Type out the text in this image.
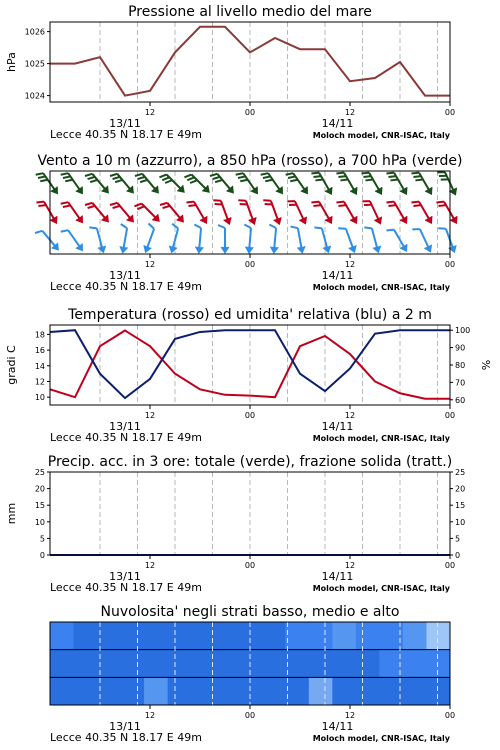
Pressione al livello medio del mare
12	00	12	00
13/11	14/11
Lecce 40.35 N 18.17 E 49m	Moloch model, CNR-ISAC, Italy
1024
1025
1026
hPa
Vento a 10 m (azzurro), a 850 hPa (rosso), a 700 hPa (verde)
12	00	12	00
13/11	14/11
Lecce 40.35 N 18.17 E 49m	Moloch model, CNR-ISAC, Italy
Temperatura (rosso) ed umidita' relativa (blu) a 2 m
12	00	12	00
13/11	14/11
Lecce 40.35 N 18.17 E 49m	Moloch model, CNR-ISAC, Italy
10
12
14
16
18
60
70
80
90
100
gradi C	%
Precip. acc. in 3 ore: totale (verde), frazione solida (tratt.)
12	00	12	00
13/11	14/11
Lecce 40.35 N 18.17 E 49m	Moloch model, CNR-ISAC, Italy
0
5
10
15
20
25
0
5
10
15
20
25
mm
Nuvolosita' negli strati basso, medio e alto
12	00	12	00
13/11	14/11
Lecce 40.35 N 18.17 E 49m	Moloch model, CNR-ISAC, Italy
